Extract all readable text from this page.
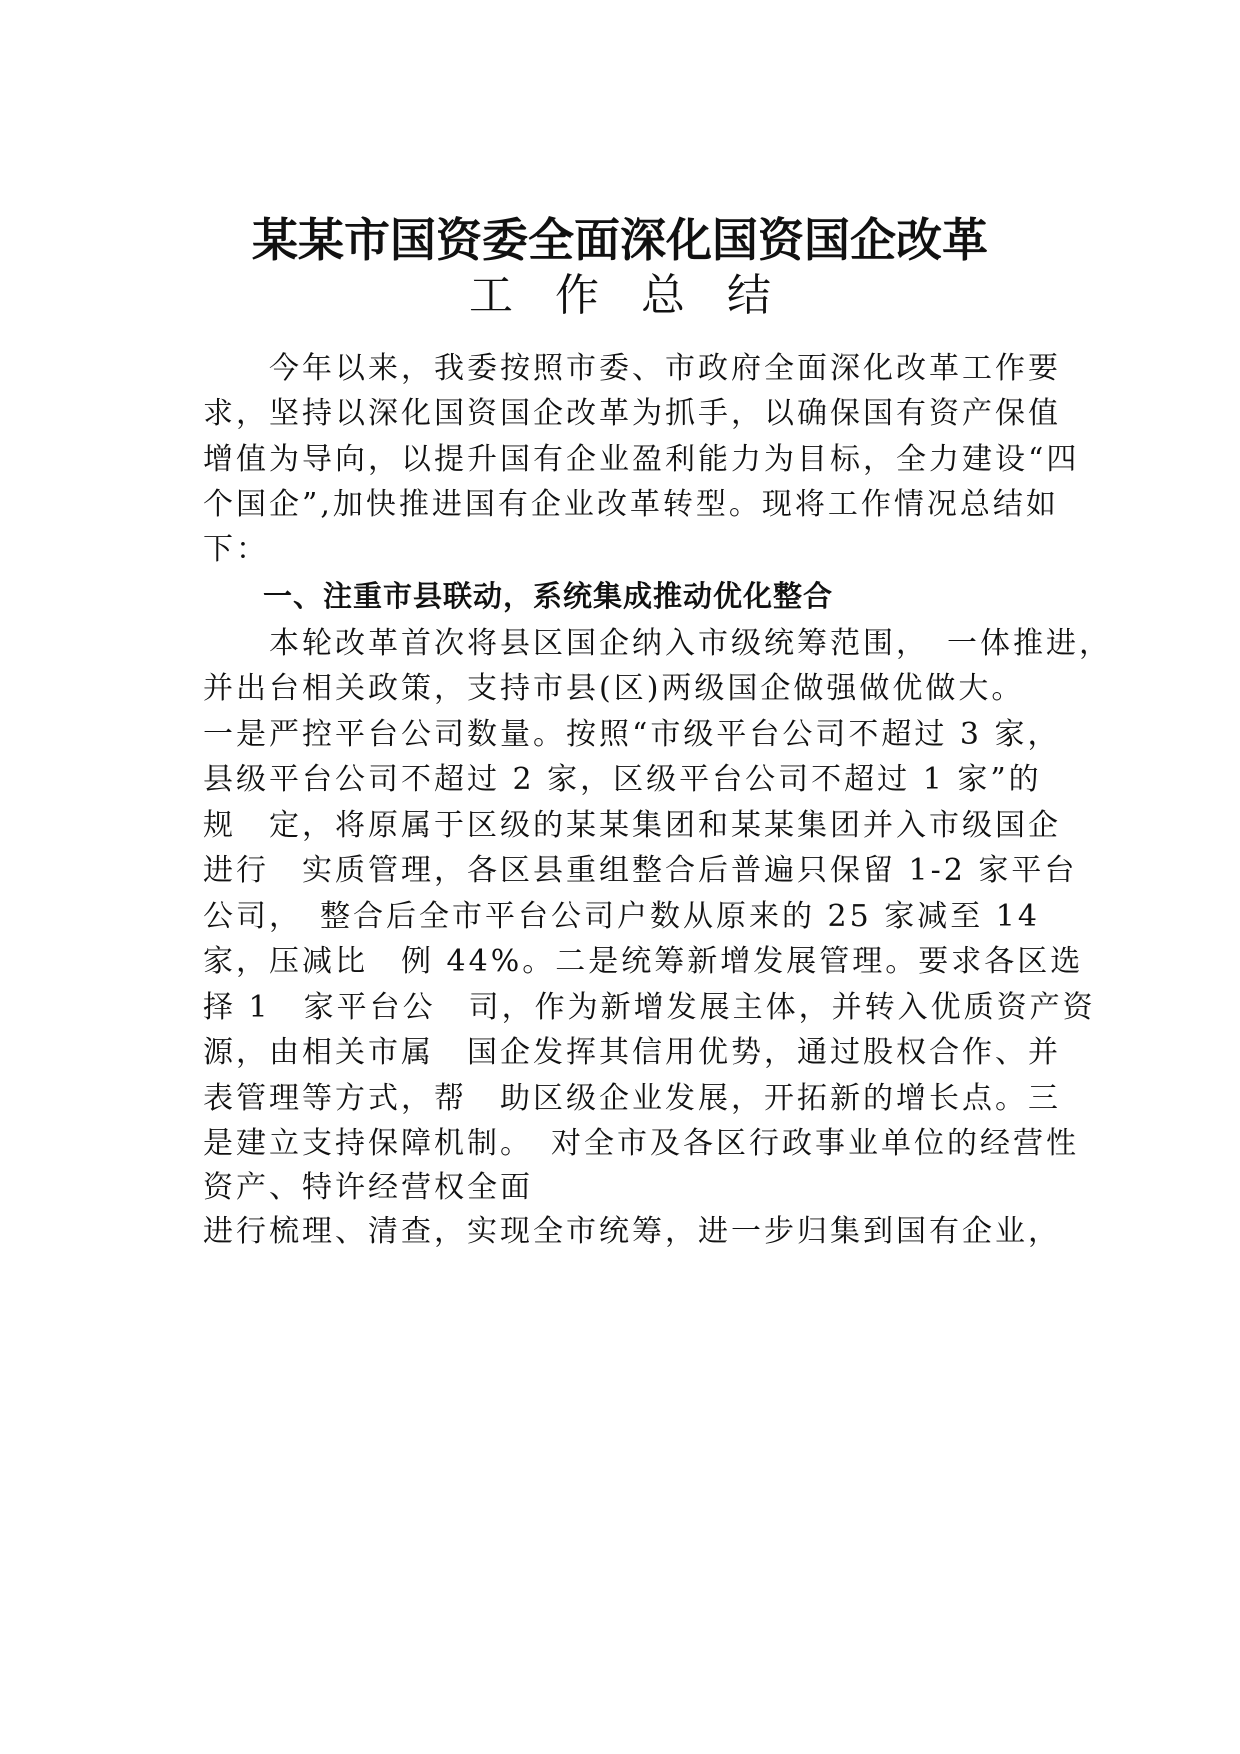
某某市国资委全面深化国资国企改革
工作总结
　　今年以来，我委按照市委、市政府全面深化改革工作要
求，坚持以深化国资国企改革为抓手，以确保国有资产保值
增值为导向，以提升国有企业盈利能力为目标，全力建设“四
个国企”,加快推进国有企业改革转型。现将工作情况总结如
下：
　　一、注重市县联动，系统集成推动优化整合
　　本轮改革首次将县区国企纳入市级统筹范围，　一体推进，
并出台相关政策，支持市县(区)两级国企做强做优做大。
一是严控平台公司数量。按照“市级平台公司不超过 3 家，
县级平台公司不超过 2 家，区级平台公司不超过 1 家”的
规　定，将原属于区级的某某集团和某某集团并入市级国企
进行　实质管理，各区县重组整合后普遍只保留 1-2 家平台
公司，　整合后全市平台公司户数从原来的 25 家减至 14
家，压减比　例 44%。二是统筹新增发展管理。要求各区选
择 1　家平台公　司，作为新增发展主体，并转入优质资产资
源，由相关市属　国企发挥其信用优势，通过股权合作、并
表管理等方式，帮　助区级企业发展，开拓新的增长点。三
是建立支持保障机制。　对全市及各区行政事业单位的经营性
资产、特许经营权全面
进行梳理、清查，实现全市统筹，进一步归集到国有企业，
